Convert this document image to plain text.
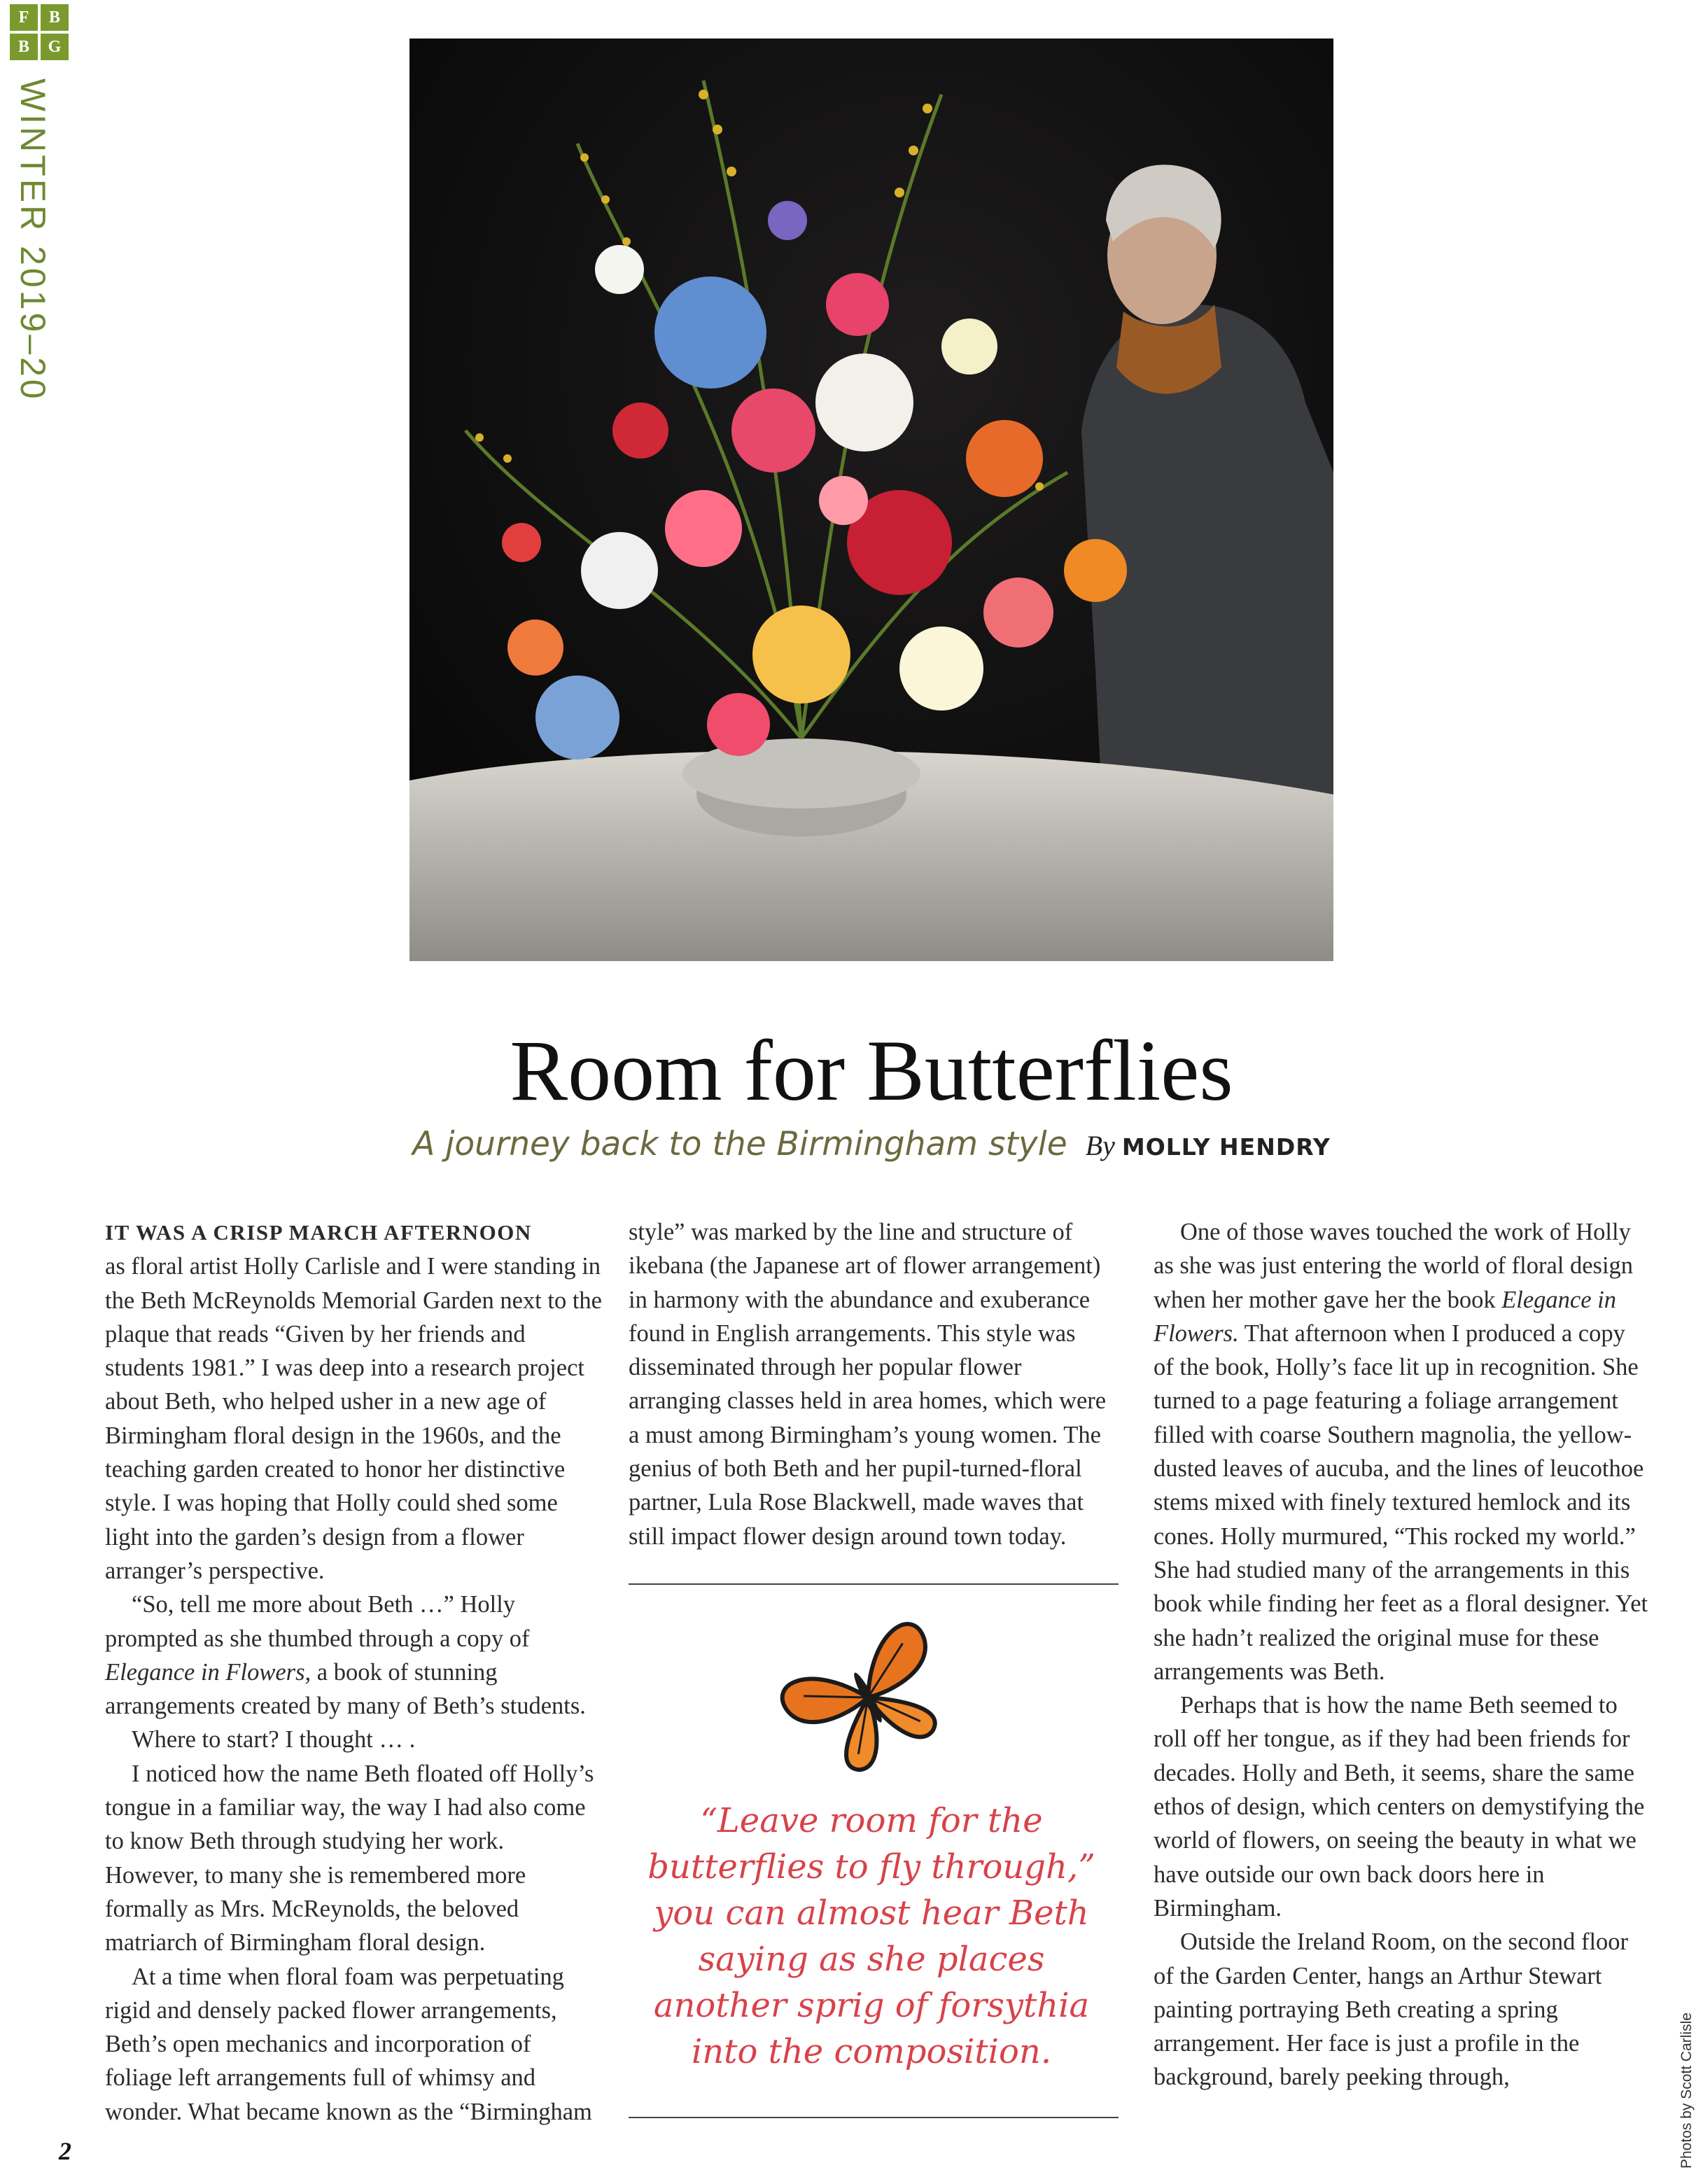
F	B
B	G
WINTER 2019–20
Room for Butterflies
A journey back to the Birmingham style By MOLLY HENDRY

IT WAS A CRISP MARCH AFTERNOON
as floral artist Holly Carlisle and I were standing in the Beth McReynolds Memorial Garden next to the plaque that reads “Given by her friends and students 1981.” I was deep into a research project about Beth, who helped usher in a new age of Birmingham floral design in the 1960s, and the teaching garden created to honor her distinctive style. I was hoping that Holly could shed some light into the garden’s design from a flower arranger’s perspective.

“So, tell me more about Beth …” Holly prompted as she thumbed through a copy of Elegance in Flowers, a book of stunning arrangements created by many of Beth’s students.

Where to start? I thought … .

I noticed how the name Beth floated off Holly’s tongue in a familiar way, the way I had also come to know Beth through studying her work. However, to many she is remembered more formally as Mrs. McReynolds, the beloved matriarch of Birmingham floral design.

At a time when floral foam was perpetuating rigid and densely packed flower arrangements, Beth’s open mechanics and incorporation of foliage left arrangements full of whimsy and wonder. What became known as the “Birmingham

style” was marked by the line and structure of ikebana (the Japanese art of flower arrangement) in harmony with the abundance and exuberance found in English arrangements. This style was disseminated through her popular flower arranging classes held in area homes, which were a must among Birmingham’s young women. The genius of both Beth and her pupil-turned-floral partner, Lula Rose Blackwell, made waves that still impact flower design around town today.

“Leave room for the butterflies to fly through,” you can almost hear Beth saying as she places another sprig of forsythia into the composition.

One of those waves touched the work of Holly as she was just entering the world of floral design when her mother gave her the book Elegance in Flowers. That afternoon when I produced a copy of the book, Holly’s face lit up in recognition. She turned to a page featuring a foliage arrangement filled with coarse Southern magnolia, the yellow-dusted leaves of aucuba, and the lines of leucothoe stems mixed with finely textured hemlock and its cones. Holly murmured, “This rocked my world.” She had studied many of the arrangements in this book while finding her feet as a floral designer. Yet she hadn’t realized the original muse for these arrangements was Beth.

Perhaps that is how the name Beth seemed to roll off her tongue, as if they had been friends for decades. Holly and Beth, it seems, share the same ethos of design, which centers on demystifying the world of flowers, on seeing the beauty in what we have outside our own back doors here in Birmingham.

Outside the Ireland Room, on the second floor of the Garden Center, hangs an Arthur Stewart painting portraying Beth creating a spring arrangement. Her face is just a profile in the background, barely peeking through,	Photos by Scott Carlisle
2
